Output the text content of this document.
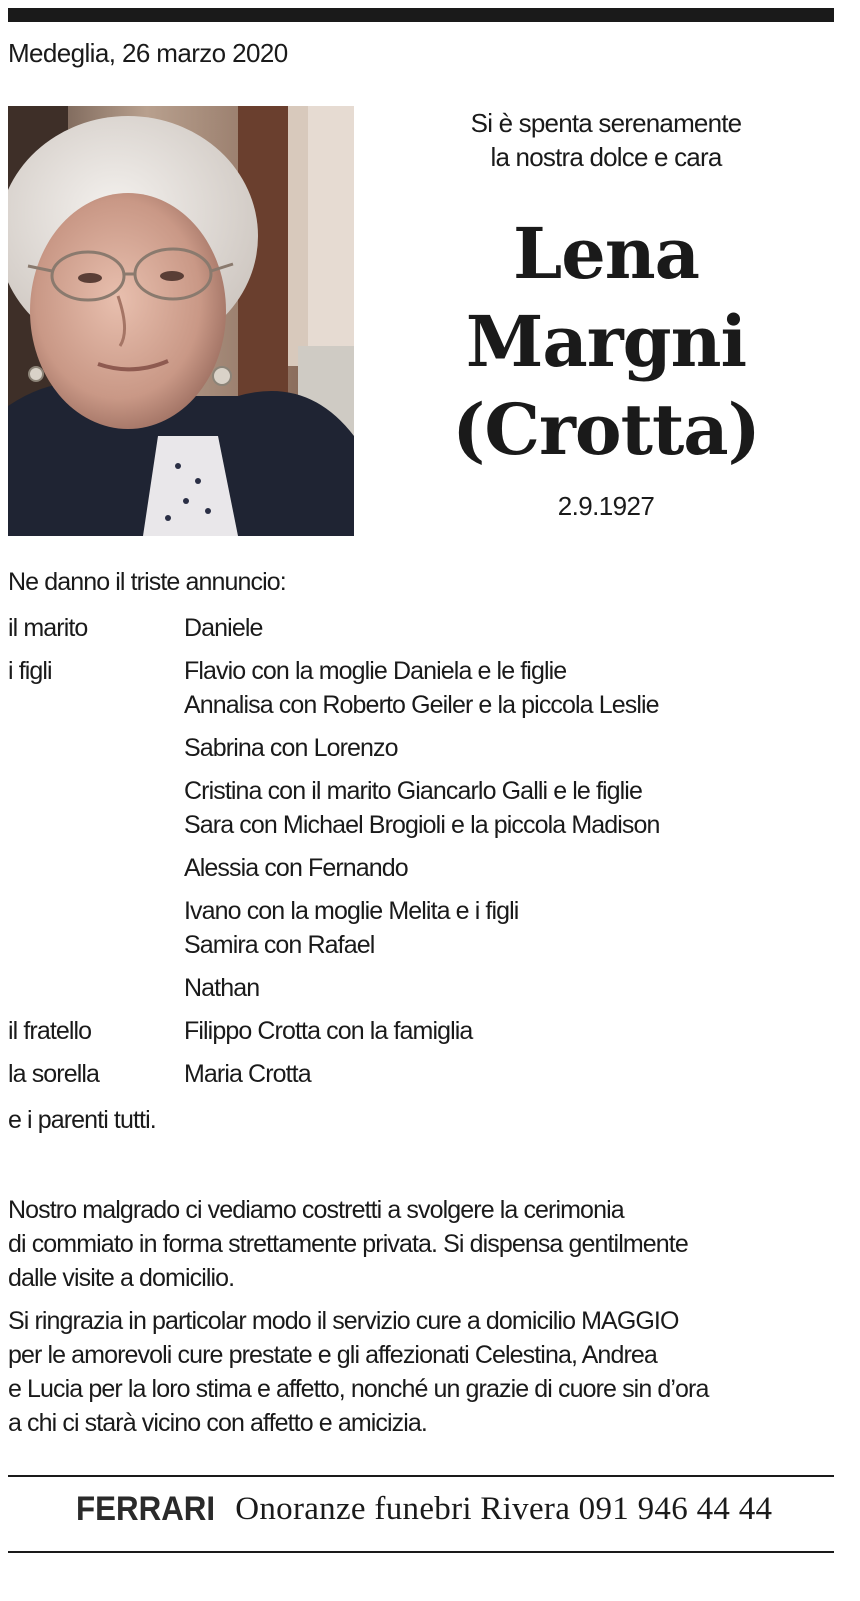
Medeglia, 26 marzo 2020
Si è spenta serenamente
la nostra dolce e cara
Lena
Margni
(Crotta)
2.9.1927
Ne danno il triste annuncio:
il marito	Daniele
i figli	Flavio con la moglie Daniela e le figlie
Annalisa con Roberto Geiler e la piccola Leslie
Sabrina con Lorenzo
Cristina con il marito Giancarlo Galli e le figlie
Sara con Michael Brogioli e la piccola Madison
Alessia con Fernando
Ivano con la moglie Melita e i figli
Samira con Rafael
Nathan
il fratello	Filippo Crotta con la famiglia
la sorella	Maria Crotta
e i parenti tutti.

Nostro malgrado ci vediamo costretti a svolgere la cerimonia
di commiato in forma strettamente privata. Si dispensa gentilmente
dalle visite a domicilio.

Si ringrazia in particolar modo il servizio cure a domicilio MAGGIO
per le amorevoli cure prestate e gli affezionati Celestina, Andrea
e Lucia per la loro stima e affetto, nonché un grazie di cuore sin d’ora
a chi ci starà vicino con affetto e amicizia.

FERRARI Onoranze funebri Rivera 091 946 44 44
